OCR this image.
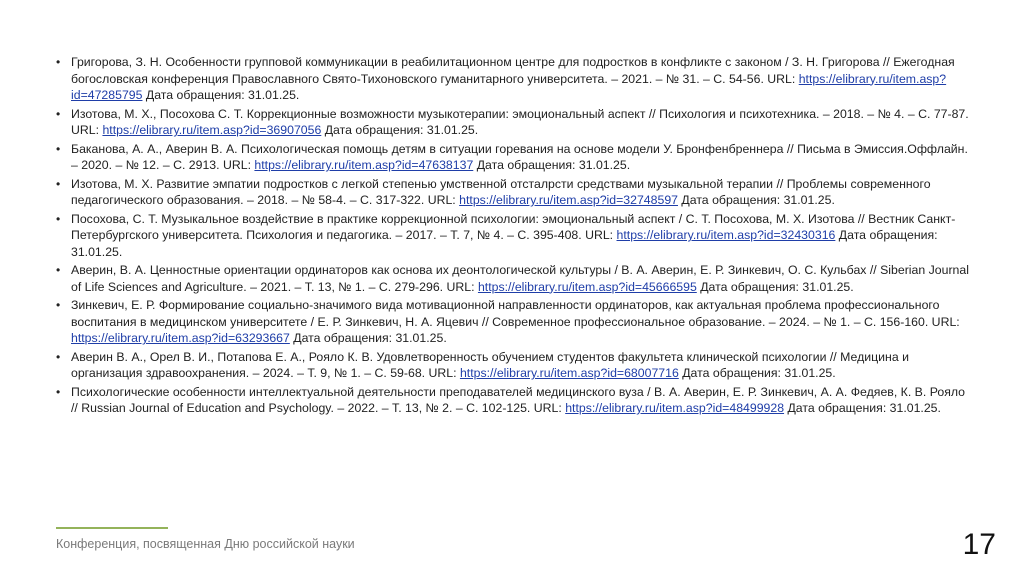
• Григорова, З. Н. Особенности групповой коммуникации в реабилитационном центре для подростков в конфликте с законом / З. Н. Григорова // Ежегодная богословская конференция Православного Свято-Тихоновского гуманитарного университета. – 2021. – № 31. – С. 54-56. URL: https://elibrary.ru/item.asp?id=47285795 Дата обращения: 31.01.25.
• Изотова, М. Х., Посохова С. Т. Коррекционные возможности музыкотерапии: эмоциональный аспект // Психология и психотехника. – 2018. – № 4. – С. 77-87. URL: https://elibrary.ru/item.asp?id=36907056 Дата обращения: 31.01.25.
• Баканова, А. А., Аверин В. А. Психологическая помощь детям в ситуации горевания на основе модели У. Бронфенбреннера // Письма в Эмиссия.Оффлайн. – 2020. – № 12. – С. 2913. URL: https://elibrary.ru/item.asp?id=47638137 Дата обращения: 31.01.25.
• Изотова, М. Х. Развитие эмпатии подростков с легкой степенью умственной отсталрсти средствами музыкальной терапии // Проблемы современного педагогического образования. – 2018. – № 58-4. – С. 317-322. URL: https://elibrary.ru/item.asp?id=32748597 Дата обращения: 31.01.25.
• Посохова, С. Т. Музыкальное воздействие в практике коррекционной психологии: эмоциональный аспект / С. Т. Посохова, М. Х. Изотова // Вестник Санкт-Петербургского университета. Психология и педагогика. – 2017. – Т. 7, № 4. – С. 395-408. URL: https://elibrary.ru/item.asp?id=32430316 Дата обращения: 31.01.25.
• Аверин, В. А. Ценностные ориентации ординаторов как основа их деонтологической культуры / В. А. Аверин, Е. Р. Зинкевич, О. С. Кульбах // Siberian Journal of Life Sciences and Agriculture. – 2021. – Т. 13, № 1. – С. 279-296. URL: https://elibrary.ru/item.asp?id=45666595 Дата обращения: 31.01.25.
• Зинкевич, Е. Р. Формирование социально-значимого вида мотивационной направленности ординаторов, как актуальная проблема профессионального воспитания в медицинском университете / Е. Р. Зинкевич, Н. А. Яцевич // Современное профессиональное образование. – 2024. – № 1. – С. 156-160. URL: https://elibrary.ru/item.asp?id=63293667 Дата обращения: 31.01.25.
• Аверин В. А., Орел В. И., Потапова Е. А., Рояло К. В. Удовлетворенность обучением студентов факультета клинической психологии // Медицина и организация здравоохранения. – 2024. – Т. 9, № 1. – С. 59-68. URL: https://elibrary.ru/item.asp?id=68007716 Дата обращения: 31.01.25.
• Психологические особенности интеллектуальной деятельности преподавателей медицинского вуза / В. А. Аверин, Е. Р. Зинкевич, А. А. Федяев, К. В. Рояло // Russian Journal of Education and Psychology. – 2022. – Т. 13, № 2. – С. 102-125. URL: https://elibrary.ru/item.asp?id=48499928 Дата обращения: 31.01.25.
Конференция, посвященная Дню российской науки	17
